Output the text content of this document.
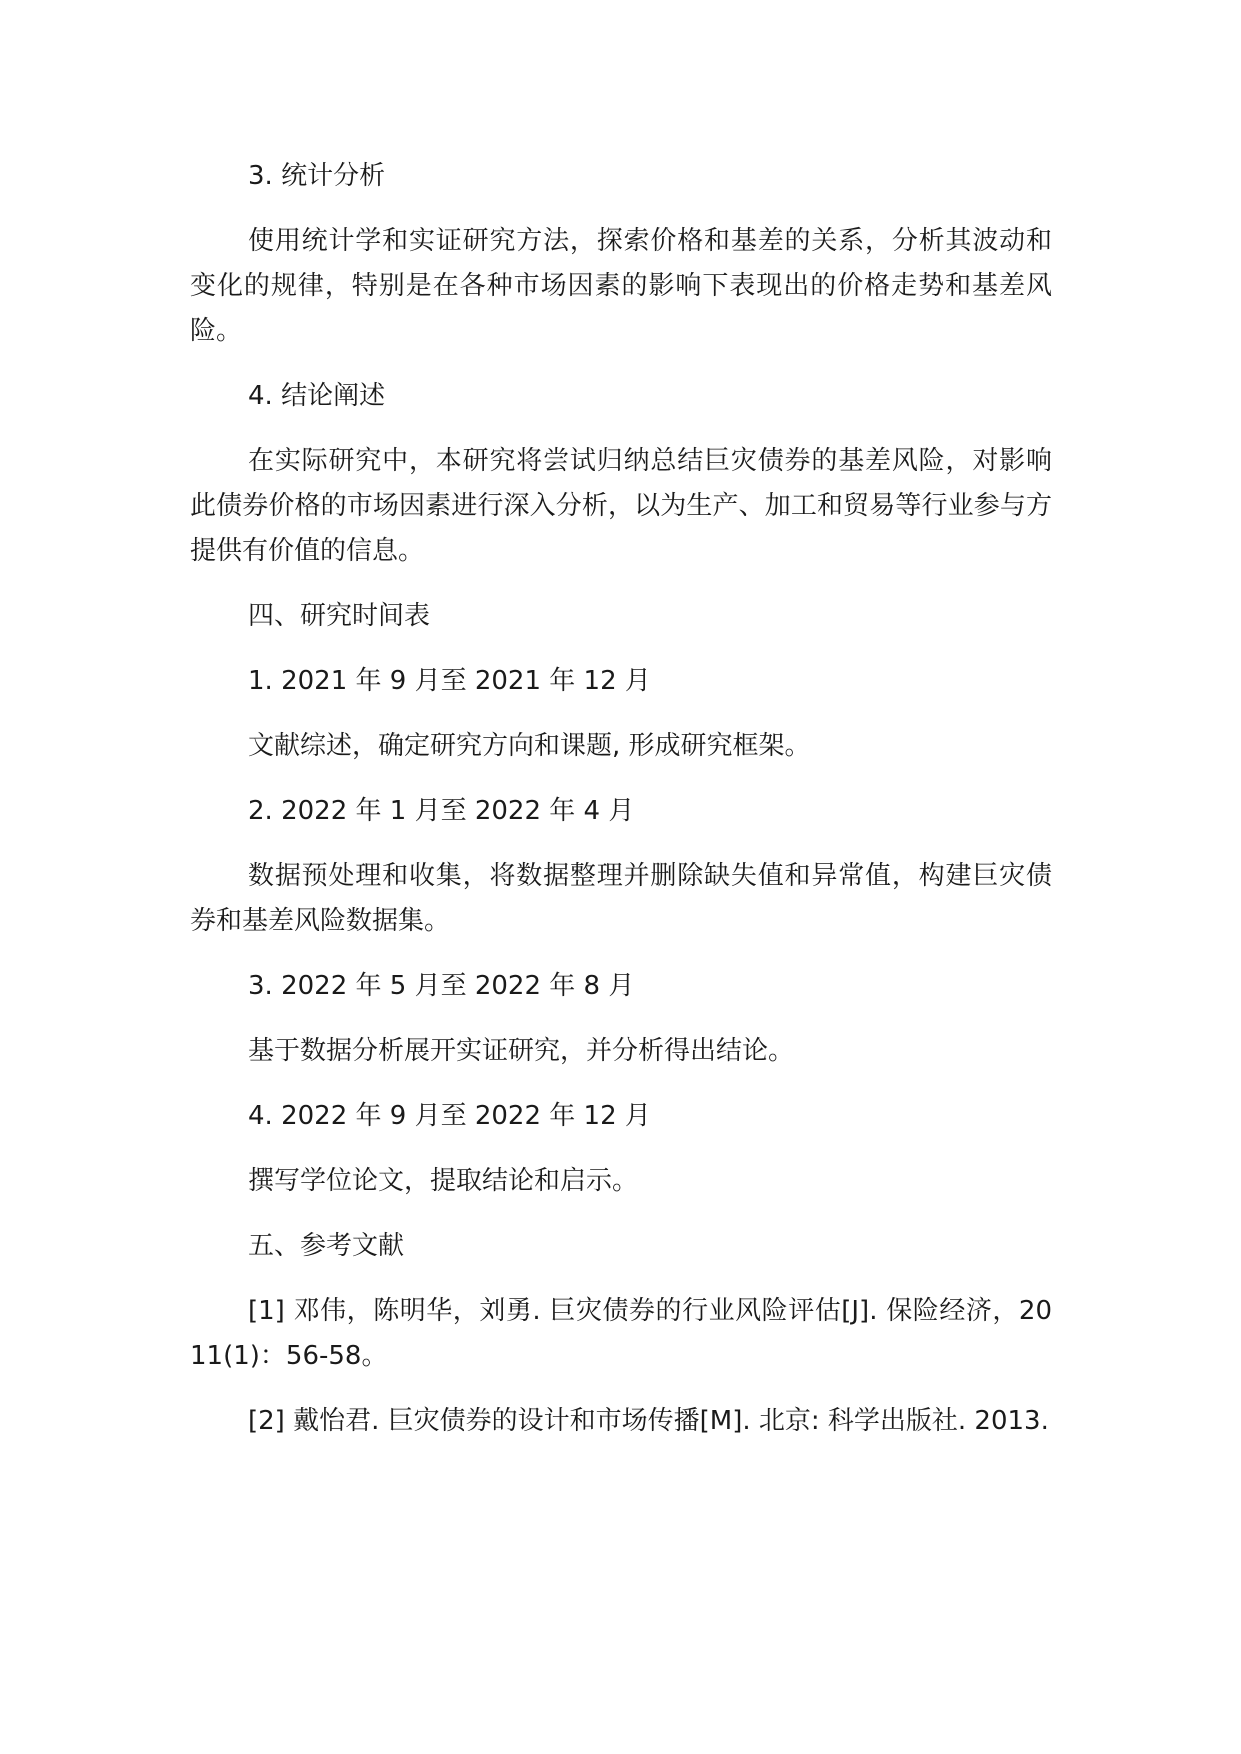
3. 统计分析

使用统计学和实证研究方法，探索价格和基差的关系，分析其波动和变化的规律，特别是在各种市场因素的影响下表现出的价格走势和基差风险。

4. 结论阐述

在实际研究中，本研究将尝试归纳总结巨灾债券的基差风险，对影响此债券价格的市场因素进行深入分析，以为生产、加工和贸易等行业参与方提供有价值的信息。

四、研究时间表

1. 2021 年 9 月至 2021 年 12 月

文献综述，确定研究方向和课题, 形成研究框架。

2. 2022 年 1 月至 2022 年 4 月

数据预处理和收集，将数据整理并删除缺失值和异常值，构建巨灾债券和基差风险数据集。

3. 2022 年 5 月至 2022 年 8 月

基于数据分析展开实证研究，并分析得出结论。

4. 2022 年 9 月至 2022 年 12 月

撰写学位论文，提取结论和启示。

五、参考文献

[1] 邓伟，陈明华，刘勇. 巨灾债券的行业风险评估[J]. 保险经济，2011(1)：56-58。

[2] 戴怡君. 巨灾债券的设计和市场传播[M]. 北京: 科学出版社. 2013.
